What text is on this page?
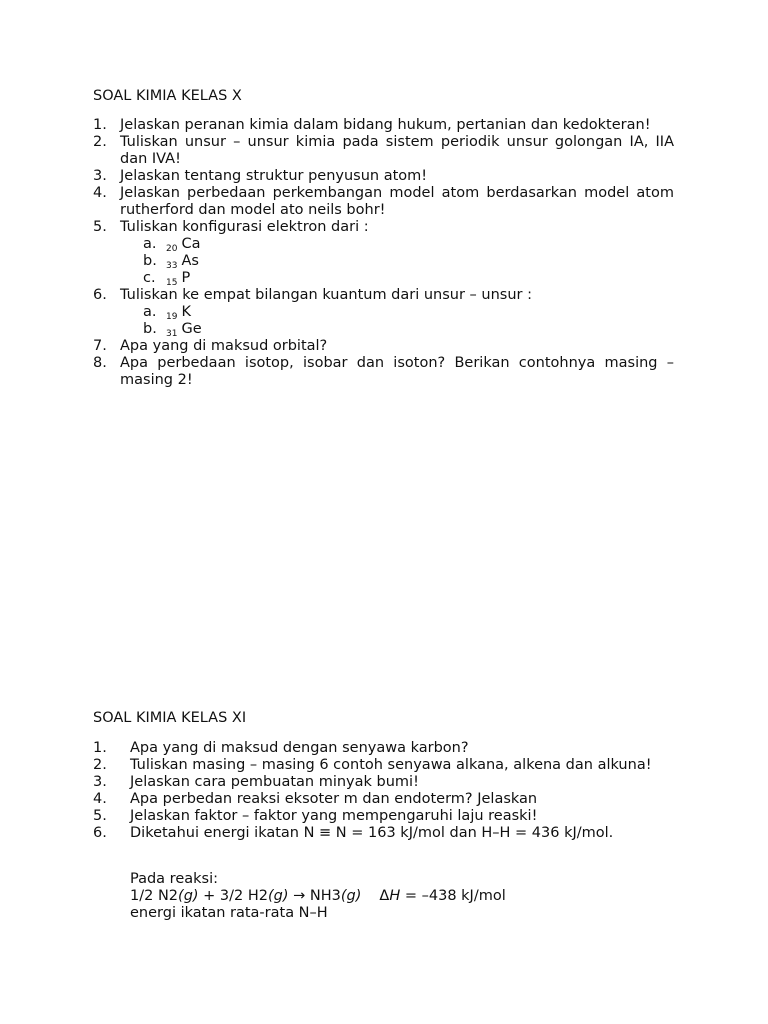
SOAL KIMIA KELAS X
1. Jelaskan peranan kimia dalam bidang hukum, pertanian dan kedokteran!
2. Tuliskan unsur – unsur kimia pada sistem periodik unsur golongan IA, IIA dan IVA!
3. Jelaskan tentang struktur penyusun atom!
4. Jelaskan perbedaan perkembangan model atom berdasarkan model atom rutherford dan model ato neils bohr!
5. Tuliskan konfigurasi elektron dari :
a. $_{20}$ Ca
b. $_{33}$ As
c. $_{15}$ P
6. Tuliskan ke empat bilangan kuantum dari unsur – unsur :
a. $_{19}$ K
b. $_{31}$ Ge
7. Apa yang di maksud orbital?
8. Apa perbedaan isotop, isobar dan isoton? Berikan contohnya masing – masing 2!
SOAL KIMIA KELAS XI
1. Apa yang di maksud dengan senyawa karbon?
2. Tuliskan masing – masing 6 contoh senyawa alkana, alkena dan alkuna!
3. Jelaskan cara pembuatan minyak bumi!
4. Apa perbedan reaksi eksoter m dan endoterm? Jelaskan
5. Jelaskan faktor – faktor yang mempengaruhi laju reaski!
6. Diketahui energi ikatan N ≡ N = 163 kJ/mol dan H–H = 436 kJ/mol.
Pada reaksi:
1/2 N2(g) + 3/2 H2(g) → NH3(g) ΔH = –438 kJ/mol
energi ikatan rata-rata N–H
